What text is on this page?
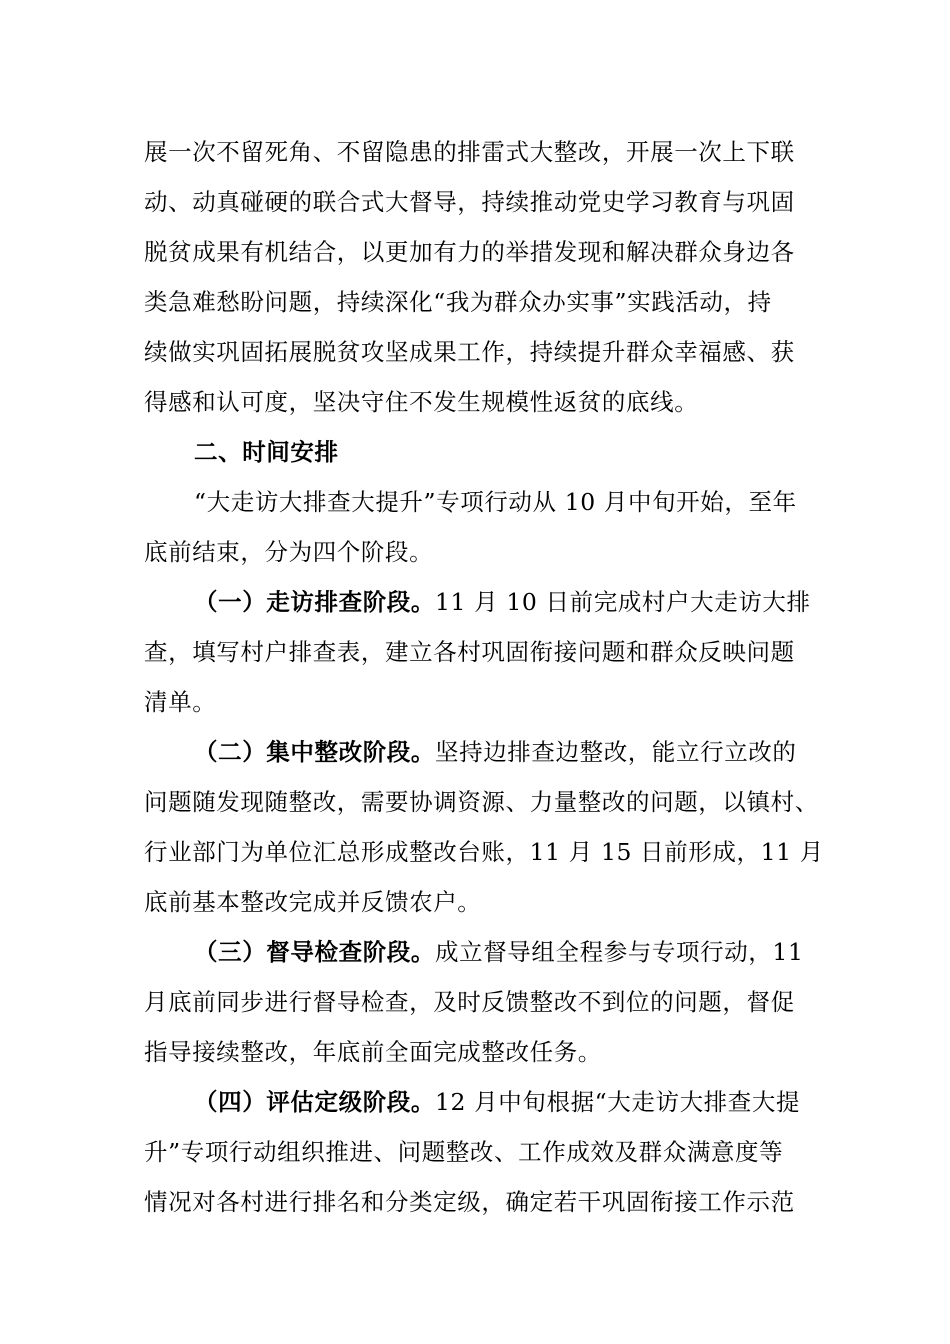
展一次不留死角、不留隐患的排雷式大整改，开展一次上下联
动、动真碰硬的联合式大督导，持续推动党史学习教育与巩固
脱贫成果有机结合，以更加有力的举措发现和解决群众身边各
类急难愁盼问题，持续深化“我为群众办实事”实践活动，持
续做实巩固拓展脱贫攻坚成果工作，持续提升群众幸福感、获
得感和认可度，坚决守住不发生规模性返贫的底线。
二、时间安排
“大走访大排查大提升”专项行动从 10 月中旬开始，至年
底前结束，分为四个阶段。
（一）走访排查阶段。11 月 10 日前完成村户大走访大排
查，填写村户排查表，建立各村巩固衔接问题和群众反映问题
清单。
（二）集中整改阶段。坚持边排查边整改，能立行立改的
问题随发现随整改，需要协调资源、力量整改的问题，以镇村、
行业部门为单位汇总形成整改台账，11 月 15 日前形成，11 月
底前基本整改完成并反馈农户。
（三）督导检查阶段。成立督导组全程参与专项行动，11
月底前同步进行督导检查，及时反馈整改不到位的问题，督促
指导接续整改，年底前全面完成整改任务。
（四）评估定级阶段。12 月中旬根据“大走访大排查大提
升”专项行动组织推进、问题整改、工作成效及群众满意度等
情况对各村进行排名和分类定级，确定若干巩固衔接工作示范
